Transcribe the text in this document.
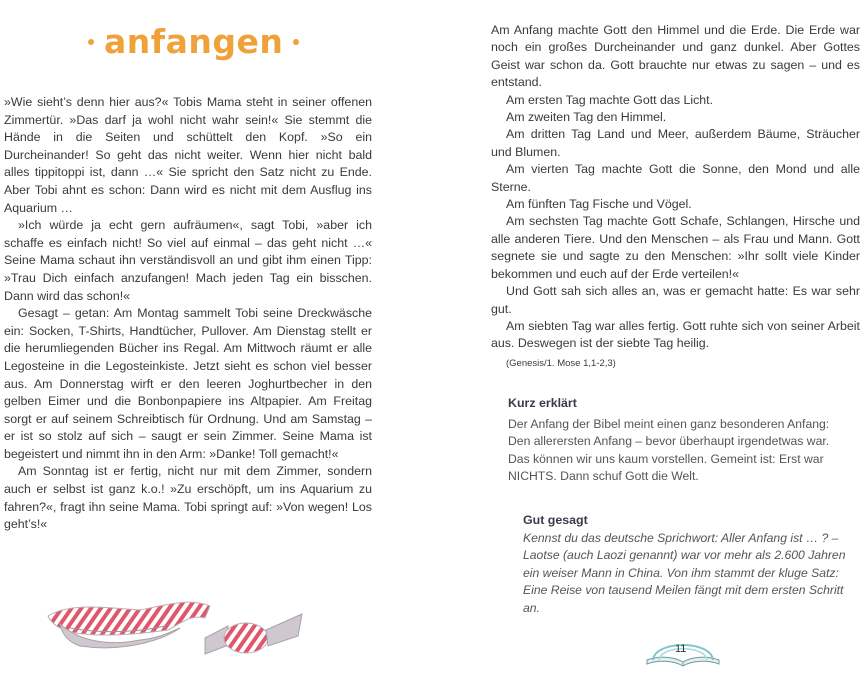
anfangen

»Wie sieht’s denn hier aus?« Tobis Mama steht in seiner offenen Zimmertür. »Das darf ja wohl nicht wahr sein!« Sie stemmt die Hände in die Seiten und schüttelt den Kopf. »So ein Durcheinander! So geht das nicht weiter. Wenn hier nicht bald alles tippitoppi ist, dann …« Sie spricht den Satz nicht zu Ende. Aber Tobi ahnt es schon: Dann wird es nicht mit dem Ausflug ins Aquarium …

»Ich würde ja echt gern aufräumen«, sagt Tobi, »aber ich schaffe es einfach nicht! So viel auf einmal – das geht nicht …« Seine Mama schaut ihn verständisvoll an und gibt ihm einen Tipp: »Trau Dich einfach anzufangen! Mach jeden Tag ein bisschen. Dann wird das schon!«

Gesagt – getan: Am Montag sammelt Tobi seine Dreckwäsche ein: Socken, T-Shirts, Handtücher, Pullover. Am Dienstag stellt er die herumliegenden Bücher ins Regal. Am Mittwoch räumt er alle Legosteine in die Legosteinkiste. Jetzt sieht es schon viel besser aus. Am Donnerstag wirft er den leeren Joghurtbecher in den gelben Eimer und die Bonbonpapiere ins Altpapier. Am Freitag sorgt er auf seinem Schreibtisch für Ordnung. Und am Samstag – er ist so stolz auf sich – saugt er sein Zimmer. Seine Mama ist begeistert und nimmt ihn in den Arm: »Danke! Toll gemacht!«

Am Sonntag ist er fertig, nicht nur mit dem Zimmer, sondern auch er selbst ist ganz k.o.! »Zu erschöpft, um ins Aquarium zu fahren?«, fragt ihn seine Mama. Tobi springt auf: »Von wegen! Los geht’s!«

Am Anfang machte Gott den Himmel und die Erde. Die Erde war noch ein großes Durcheinander und ganz dunkel. Aber Gottes Geist war schon da. Gott brauchte nur etwas zu sagen – und es entstand.

Am ersten Tag machte Gott das Licht.

Am zweiten Tag den Himmel.

Am dritten Tag Land und Meer, außerdem Bäume, Sträucher und Blumen.

Am vierten Tag machte Gott die Sonne, den Mond und alle Sterne.

Am fünften Tag Fische und Vögel.

Am sechsten Tag machte Gott Schafe, Schlangen, Hirsche und alle anderen Tiere. Und den Menschen – als Frau und Mann. Gott segnete sie und sagte zu den Menschen: »Ihr sollt viele Kinder bekommen und euch auf der Erde verteilen!«

Und Gott sah sich alles an, was er gemacht hatte: Es war sehr gut.

Am siebten Tag war alles fertig. Gott ruhte sich von seiner Arbeit aus. Deswegen ist der siebte Tag heilig.

(Genesis/1. Mose 1,1-2,3)

Kurz erklärt
Der Anfang der Bibel meint einen ganz besonderen Anfang: Den allerersten Anfang – bevor überhaupt irgendetwas war. Das können wir uns kaum vorstellen. Gemeint ist: Erst war NICHTS. Dann schuf Gott die Welt.
Gut gesagt
Kennst du das deutsche Sprichwort: Aller Anfang ist … ? – Laotse (auch Laozi genannt) war vor mehr als 2.600 Jahren ein weiser Mann in China. Von ihm stammt der kluge Satz: Eine Reise von tausend Meilen fängt mit dem ersten Schritt an.
11
